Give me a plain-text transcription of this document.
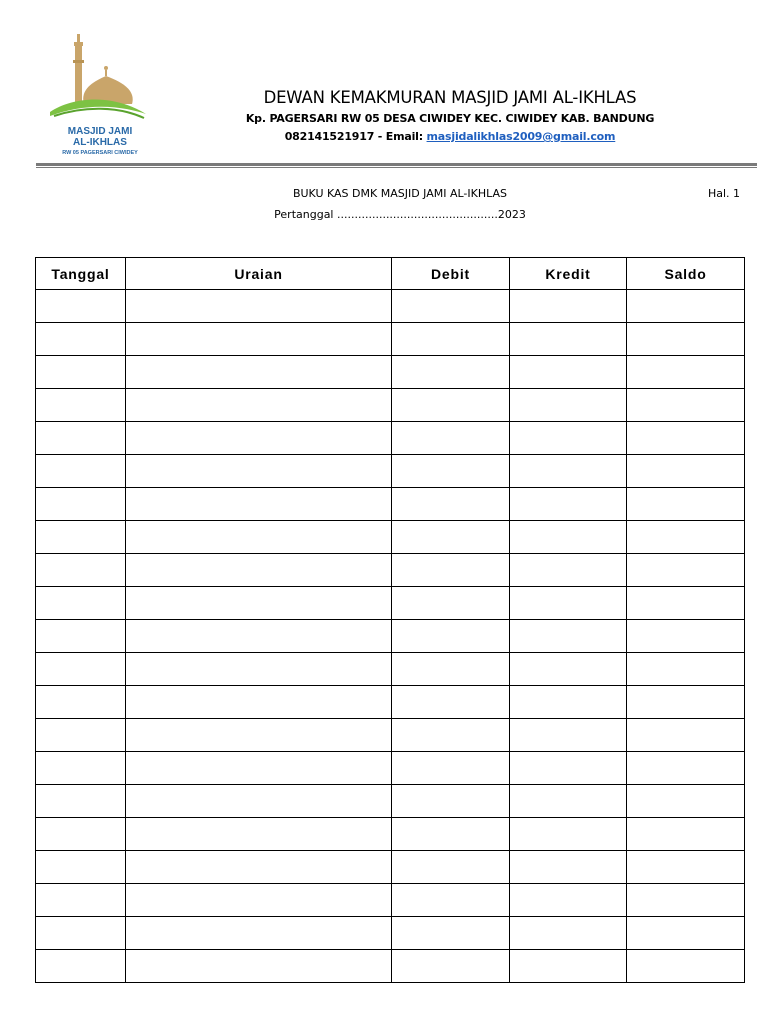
MASJID JAMI
AL-IKHLAS
RW 05 PAGERSARI CIWIDEY
DEWAN KEMAKMURAN MASJID JAMI AL-IKHLAS
Kp. PAGERSARI RW 05 DESA CIWIDEY KEC. CIWIDEY KAB. BANDUNG
082141521917 - Email: masjidalikhlas2009@gmail.com
BUKU KAS DMK MASJID JAMI AL-IKHLAS	Hal. 1
Pertanggal ..............................................2023
Tanggal	Uraian	Debit	Kredit	Saldo
